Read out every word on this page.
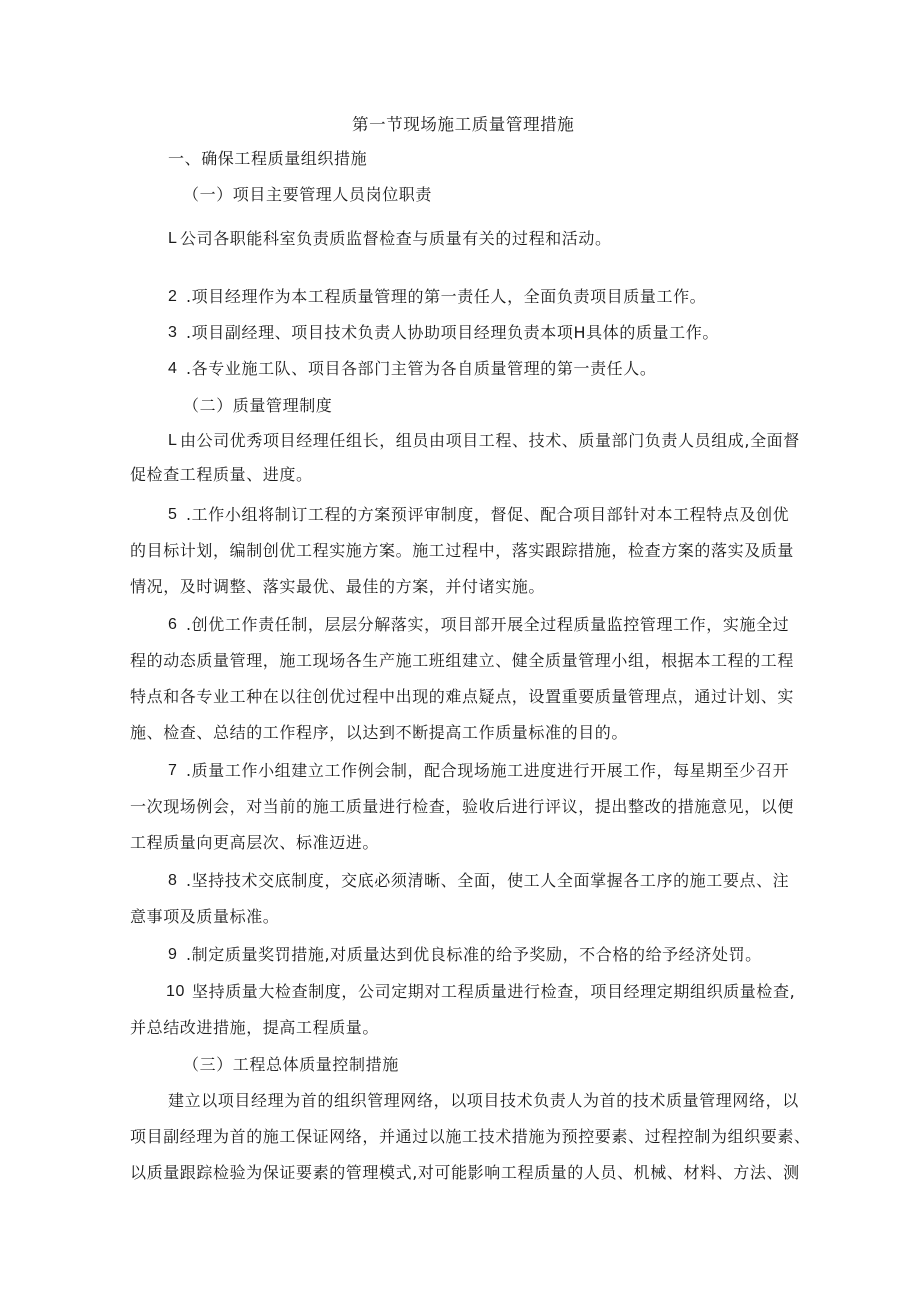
第一节现场施工质量管理措施

一、确保工程质量组织措施

（一）项目主要管理人员岗位职责

L 公司各职能科室负责质监督检查与质量有关的过程和活动。
2 .项目经理作为本工程质量管理的第一责任人，全面负责项目质量工作。
3 .项目副经理、项目技术负责人协助项目经理负责本项H具体的质量工作。
4 .各专业施工队、项目各部门主管为各自质量管理的第一责任人。

（二）质量管理制度

L 由公司优秀项目经理任组长，组员由项目工程、技术、质量部门负责人员组成,全面督
促检查工程质量、进度。
5 .工作小组将制订工程的方案预评审制度，督促、配合项目部针对本工程特点及创优
的目标计划，编制创优工程实施方案。施工过程中，落实跟踪措施，检查方案的落实及质量
情况，及时调整、落实最优、最佳的方案，并付诸实施。
6 .创优工作责任制，层层分解落实，项目部开展全过程质量监控管理工作，实施全过
程的动态质量管理，施工现场各生产施工班组建立、健全质量管理小组，根据本工程的工程
特点和各专业工种在以往创优过程中出现的难点疑点，设置重要质量管理点，通过计划、实
施、检查、总结的工作程序，以达到不断提高工作质量标准的目的。
7 .质量工作小组建立工作例会制，配合现场施工进度进行开展工作，每星期至少召开
一次现场例会，对当前的施工质量进行检查，验收后进行评议，提出整改的措施意见，以便
工程质量向更高层次、标准迈进。
8 .坚持技术交底制度，交底必须清晰、全面，使工人全面掌握各工序的施工要点、注
意事项及质量标准。
9 .制定质量奖罚措施,对质量达到优良标准的给予奖励，不合格的给予经济处罚。
10 坚持质量大检查制度，公司定期对工程质量进行检查，项目经理定期组织质量检查,
并总结改进措施，提高工程质量。

（三）工程总体质量控制措施

建立以项目经理为首的组织管理网络，以项目技术负责人为首的技术质量管理网络，以
项目副经理为首的施工保证网络，并通过以施工技术措施为预控要素、过程控制为组织要素、
以质量跟踪检验为保证要素的管理模式,对可能影响工程质量的人员、机械、材料、方法、测
